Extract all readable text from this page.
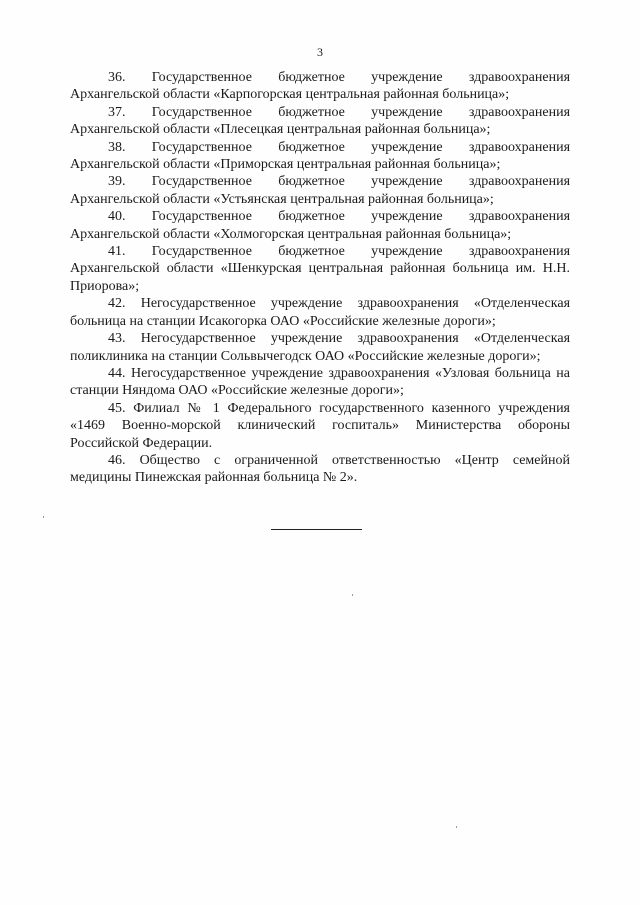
3

36. Государственное бюджетное учреждение здравоохранения Архангельской области «Карпогорская центральная районная больница»;

37. Государственное бюджетное учреждение здравоохранения Архангельской области «Плесецкая центральная районная больница»;

38. Государственное бюджетное учреждение здравоохранения Архангельской области «Приморская центральная районная больница»;

39. Государственное бюджетное учреждение здравоохранения Архангельской области «Устьянская центральная районная больница»;

40. Государственное бюджетное учреждение здравоохранения Архангельской области «Холмогорская центральная районная больница»;

41. Государственное бюджетное учреждение здравоохранения Архангельской области «Шенкурская центральная районная больница им. Н.Н. Приорова»;

42. Негосударственное учреждение здравоохранения «Отделенческая больница на станции Исакогорка ОАО «Российские железные дороги»;

43. Негосударственное учреждение здравоохранения «Отделенческая поликлиника на станции Сольвычегодск ОАО «Российские железные дороги»;

44. Негосударственное учреждение здравоохранения «Узловая больница на станции Няндома ОАО «Российские железные дороги»;

45. Филиал № 1 Федерального государственного казенного учреждения «1469 Военно-морской клинический госпиталь» Министерства обороны Российской Федерации.

46. Общество с ограниченной ответственностью «Центр семейной медицины Пинежская районная больница № 2».
